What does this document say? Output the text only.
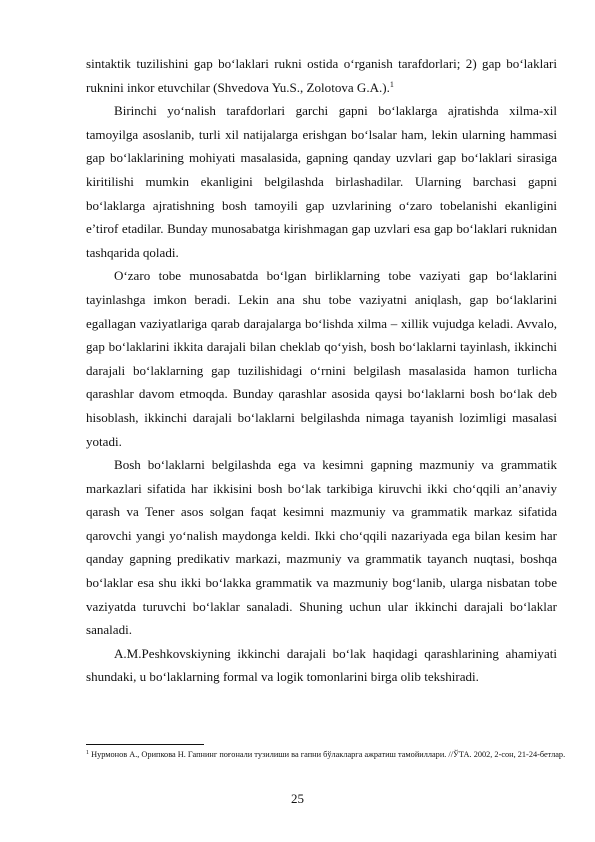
sintaktik tuzilishini gap bo‘laklari rukni ostida o‘rganish tarafdorlari; 2) gap bo‘laklari ruknini inkor etuvchilar (Shvedova Yu.S., Zolotova G.A.).$^1$

Birinchi yo‘nalish tarafdorlari garchi gapni bo‘laklarga ajratishda xilma-xil tamoyilga asoslanib, turli xil natijalarga erishgan bo‘lsalar ham, lekin ularning hammasi gap bo‘laklarining mohiyati masalasida, gapning qanday uzvlari gap bo‘laklari sirasiga kiritilishi mumkin ekanligini belgilashda birlashadilar. Ularning barchasi gapni bo‘laklarga ajratishning bosh tamoyili gap uzvlarining o‘zaro tobelanishi ekanligini e’tirof etadilar. Bunday munosabatga kirishmagan gap uzvlari esa gap bo‘laklari ruknidan tashqarida qoladi.

O‘zaro tobe munosabatda bo‘lgan birliklarning tobe vaziyati gap bo‘laklarini tayinlashga imkon beradi. Lekin ana shu tobe vaziyatni aniqlash, gap bo‘laklarini egallagan vaziyatlariga qarab darajalarga bo‘lishda xilma – xillik vujudga keladi. Avvalo, gap bo‘laklarini ikkita darajali bilan cheklab qo‘yish, bosh bo‘laklarni tayinlash, ikkinchi darajali bo‘laklarning gap tuzilishidagi o‘rnini belgilash masalasida hamon turlicha qarashlar davom etmoqda. Bunday qarashlar asosida qaysi bo‘laklarni bosh bo‘lak deb hisoblash, ikkinchi darajali bo‘laklarni belgilashda nimaga tayanish lozimligi masalasi yotadi.

Bosh bo‘laklarni belgilashda ega va kesimni gapning mazmuniy va grammatik markazlari sifatida har ikkisini bosh bo‘lak tarkibiga kiruvchi ikki cho‘qqili an’anaviy qarash va Tener asos solgan faqat kesimni mazmuniy va grammatik markaz sifatida qarovchi yangi yo‘nalish maydonga keldi. Ikki cho‘qqili nazariyada ega bilan kesim har qanday gapning predikativ markazi, mazmuniy va grammatik tayanch nuqtasi, boshqa bo‘laklar esa shu ikki bo‘lakka grammatik va mazmuniy bog‘lanib, ularga nisbatan tobe vaziyatda turuvchi bo‘laklar sanaladi. Shuning uchun ular ikkinchi darajali bo‘laklar sanaladi.

A.M.Peshkovskiyning ikkinchi darajali bo‘lak haqidagi qarashlarining ahamiyati shundaki, u bo‘laklarning formal va logik tomonlarini birga olib tekshiradi.

$^1$ Нурмонов А., Орипкова Н. Гапнинг поғонали тузилиши ва гапни бўлакларга ажратиш тамойиллари. //ЎТА. 2002, 2-сон, 21-24-бетлар.
25
